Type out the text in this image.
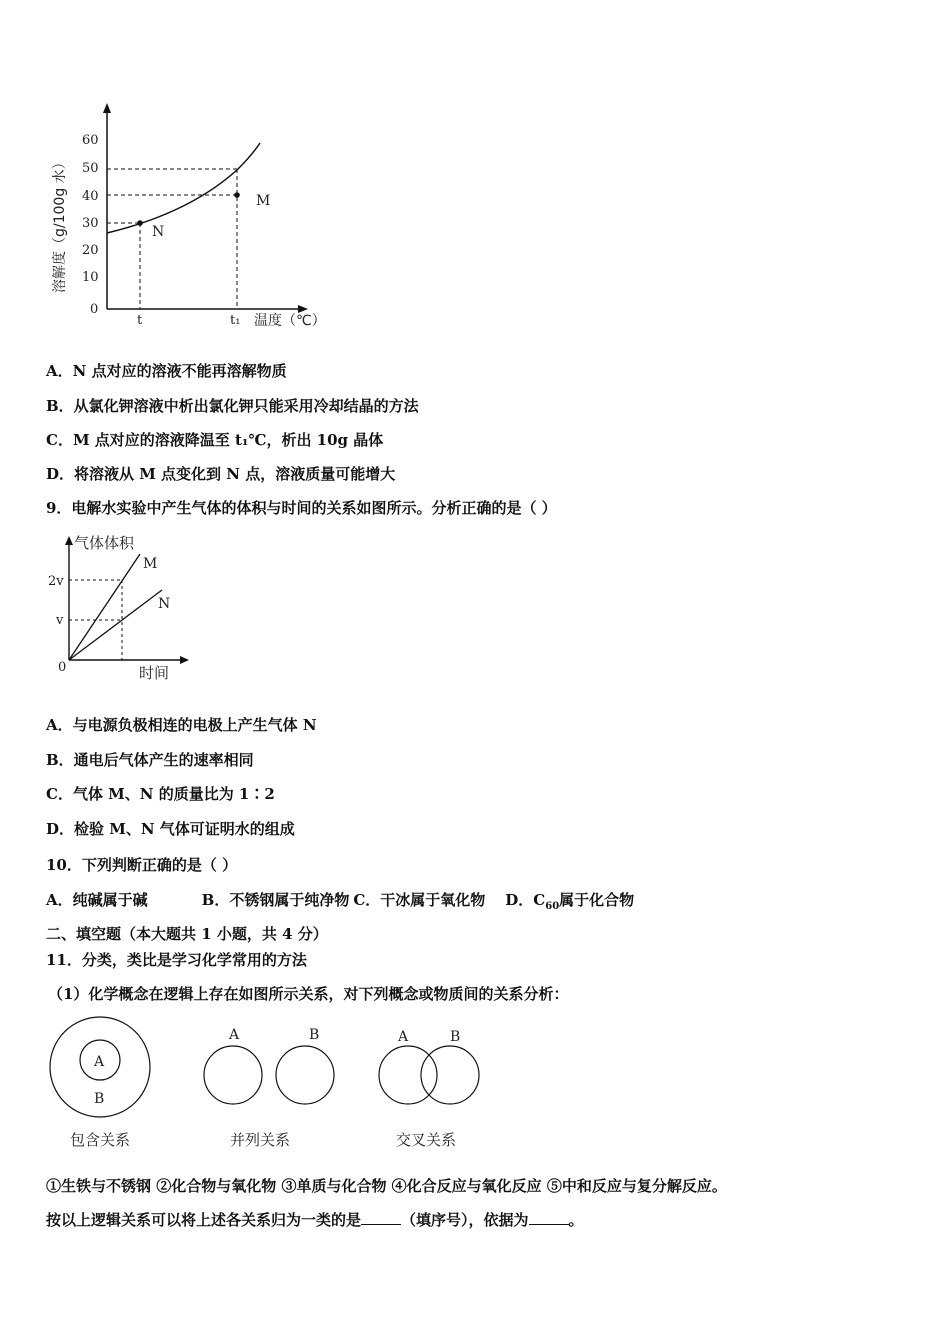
60
50
40
30
20
10
0
溶解度（g/100g 水）	N
M
t	t₁ 温度（℃）
A．N 点对应的溶液不能再溶解物质
B．从氯化钾溶液中析出氯化钾只能采用冷却结晶的方法
C．M 点对应的溶液降温至 t₁℃，析出 10g 晶体
D．将溶液从 M 点变化到 N 点，溶液质量可能增大
9．电解水实验中产生气体的体积与时间的关系如图所示。分析正确的是（ ）
气体体积
2v
v
0
M
N
时间
A．与电源负极相连的电极上产生气体 N
B．通电后气体产生的速率相同
C．气体 M、N 的质量比为 1∶2
D．检验 M、N 气体可证明水的组成
10．下列判断正确的是（ ）
A．纯碱属于碱	B．不锈钢属于纯净物 C．干冰属于氧化物 D．$C_{60}$属于化合物
二、填空题（本大题共 1 小题，共 4 分）
11．分类，类比是学习化学常用的方法
（1）化学概念在逻辑上存在如图所示关系，对下列概念或物质间的关系分析：
A
B
包含关系
A	B
并列关系
A	B
交叉关系
①生铁与不锈钢 ②化合物与氧化物 ③单质与化合物 ④化合反应与氧化反应 ⑤中和反应与复分解反应。
按以上逻辑关系可以将上述各关系归为一类的是	（填序号），依据为	。
